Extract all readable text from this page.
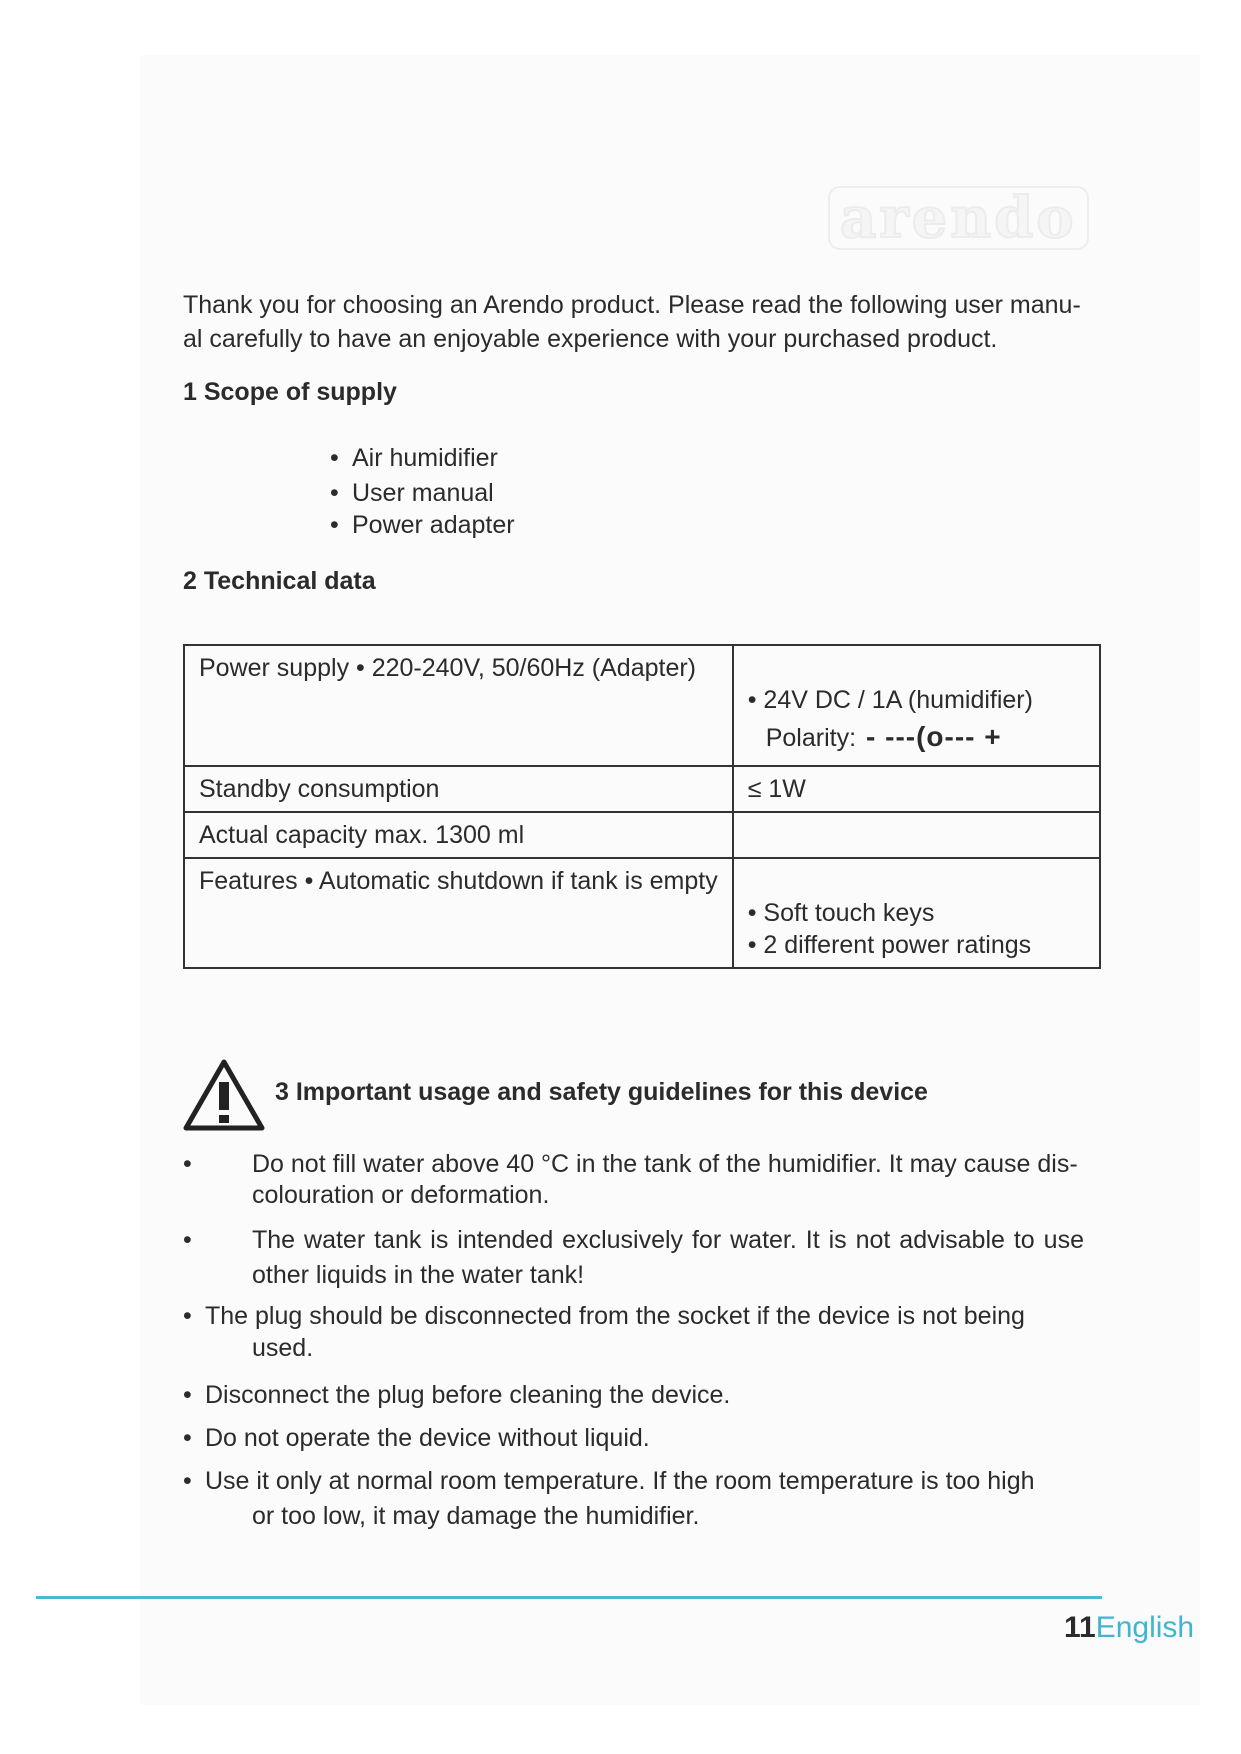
arendo
Thank you for choosing an Arendo product. Please read the following user manu-
al carefully to have an enjoyable experience with your purchased product.
1 Scope of supply
• Air humidifier
• User manual
• Power adapter
2 Technical data
Power supply • 220-240V, 50/60Hz (Adapter)	• 24V DC / 1A (humidifier)
Polarity: - ---(o--- +

Standby consumption	≤ 1W
Actual capacity max. 1300 ml	
Features • Automatic shutdown if tank is empty	• Soft touch keys
• 2 different power ratings
3 Important usage and safety guidelines for this device
• Do not fill water above 40 °C in the tank of the humidifier. It may cause dis-
colouration or deformation.
• The water tank is intended exclusively for water. It is not advisable to use
other liquids in the water tank!
• The plug should be disconnected from the socket if the device is not being
used.
• Disconnect the plug before cleaning the device.
• Do not operate the device without liquid.
• Use it only at normal room temperature. If the room temperature is too high
or too low, it may damage the humidifier.
11English
